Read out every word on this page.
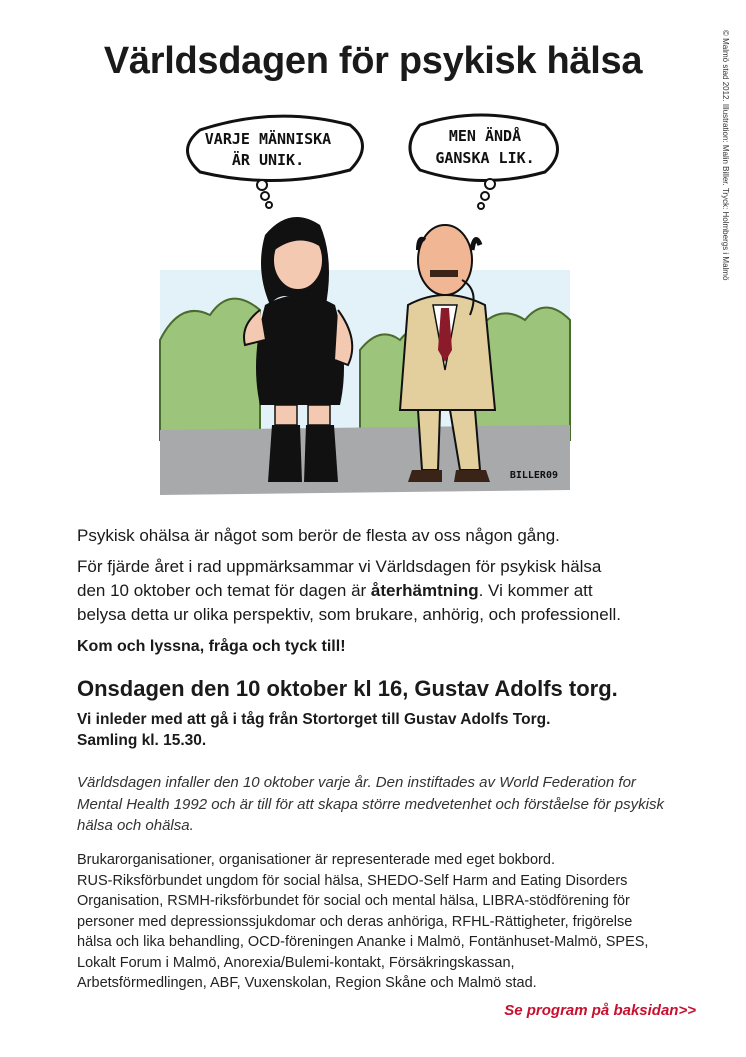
© Malmö stad 2012. Illustration: Malin Biller. Tryck: Holmbergs i Malmö
Världsdagen för psykisk hälsa
VARJE MÄNNISKA
ÄR UNIK.
MEN ÄNDÅ
GANSKA LIK.
BILLER09

Psykisk ohälsa är något som berör de flesta av oss någon gång.

För fjärde året i rad uppmärksammar vi Världsdagen för psykisk hälsa
den 10 oktober och temat för dagen är återhämtning. Vi kommer att
belysa detta ur olika perspektiv, som brukare, anhörig, och professionell.

Kom och lyssna, fråga och tyck till!

Onsdagen den 10 oktober kl 16, Gustav Adolfs torg.

Vi inleder med att gå i tåg från Stortorget till Gustav Adolfs Torg.
Samling kl. 15.30.

Världsdagen infaller den 10 oktober varje år. Den instiftades av World Federation for
Mental Health 1992 och är till för att skapa större medvetenhet och förståelse för psykisk
hälsa och ohälsa.

Brukarorganisationer, organisationer är representerade med eget bokbord.
RUS-Riksförbundet ungdom för social hälsa, SHEDO-Self Harm and Eating Disorders
Organisation, RSMH-riksförbundet för social och mental hälsa, LIBRA-stödförening för
personer med depressionssjukdomar och deras anhöriga, RFHL-Rättigheter, frigörelse
hälsa och lika behandling, OCD-föreningen Ananke i Malmö, Fontänhuset-Malmö, SPES,
Lokalt Forum i Malmö, Anorexia/Bulemi-kontakt, Försäkringskassan,
Arbetsförmedlingen, ABF, Vuxenskolan, Region Skåne och Malmö stad.

Se program på baksidan>>
